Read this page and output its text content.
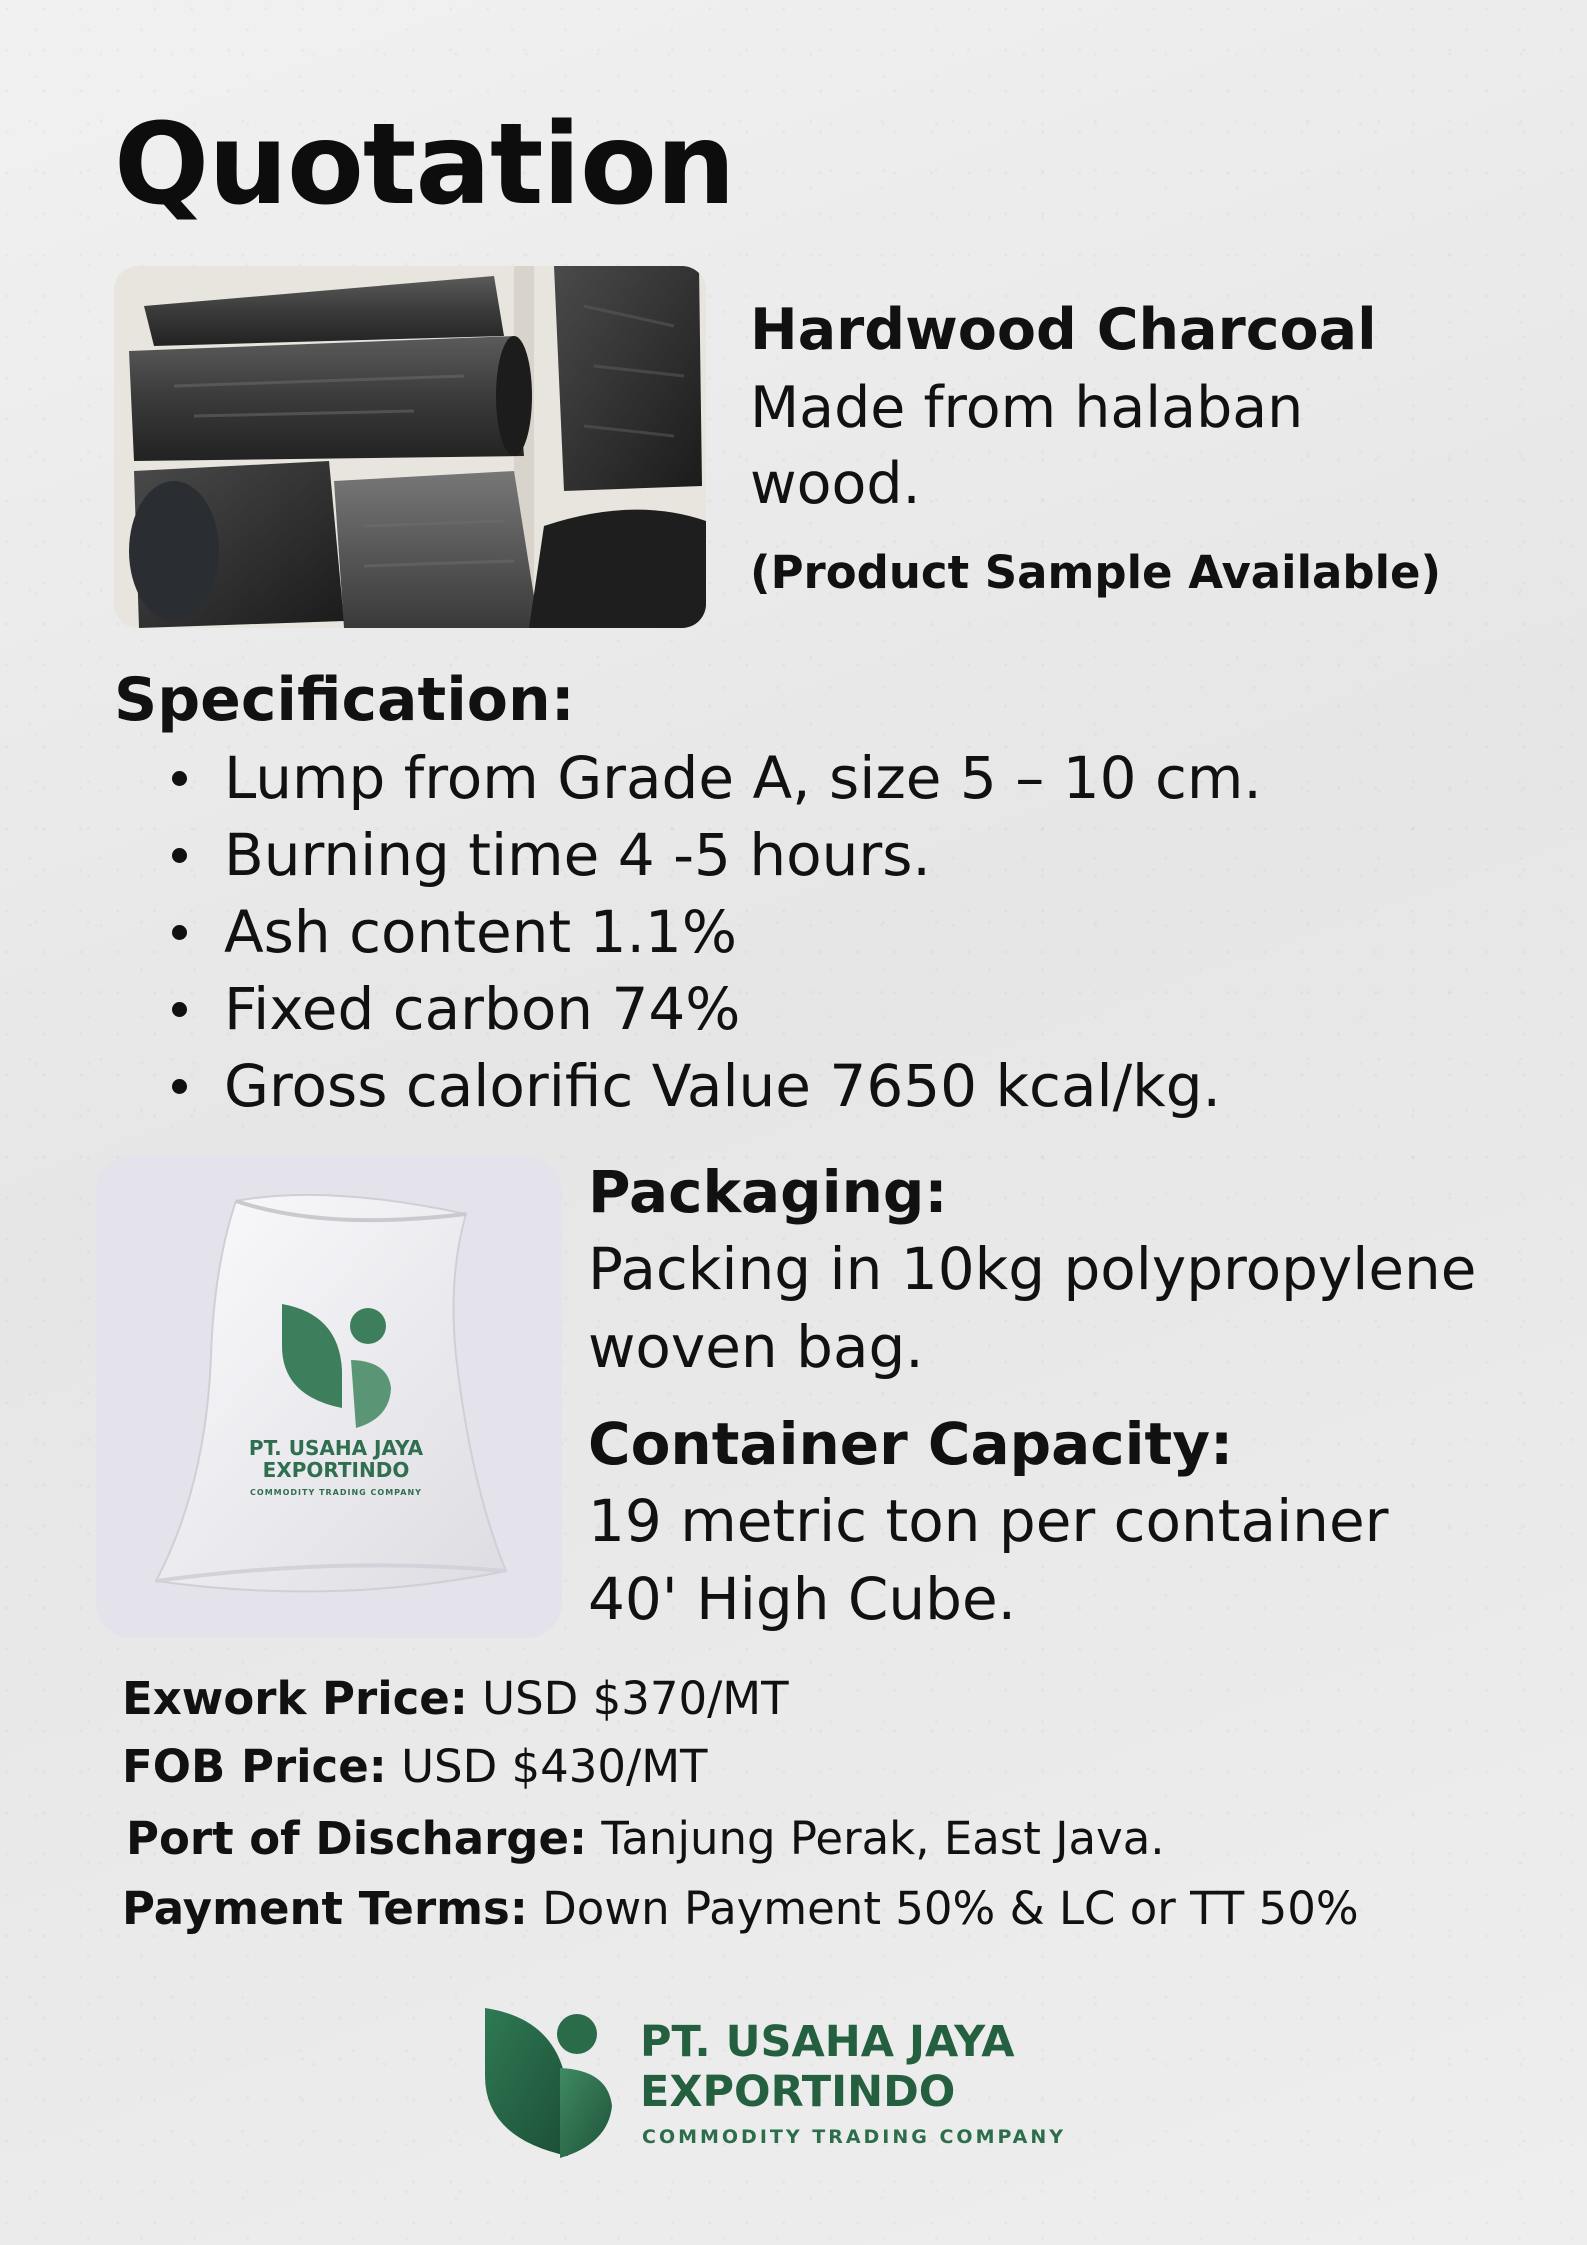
Quotation
Hardwood Charcoal
Made from halaban wood.
(Product Sample Available)
Specification:
Lump from Grade A, size 5 – 10 cm.
Burning time 4 -5 hours.
Ash content 1.1%
Fixed carbon 74%
Gross calorific Value 7650 kcal/kg.
PT. USAHA JAYA
EXPORTINDO
COMMODITY TRADING COMPANY
Packaging:
Packing in 10kg polypropylene woven bag.
Container Capacity:
19 metric ton per container 40' High Cube.
Exwork Price: USD $370/MT
FOB Price: USD $430/MT
Port of Discharge: Tanjung Perak, East Java.
Payment Terms: Down Payment 50% & LC or TT 50%
PT. USAHA JAYA
EXPORTINDO
COMMODITY TRADING COMPANY
